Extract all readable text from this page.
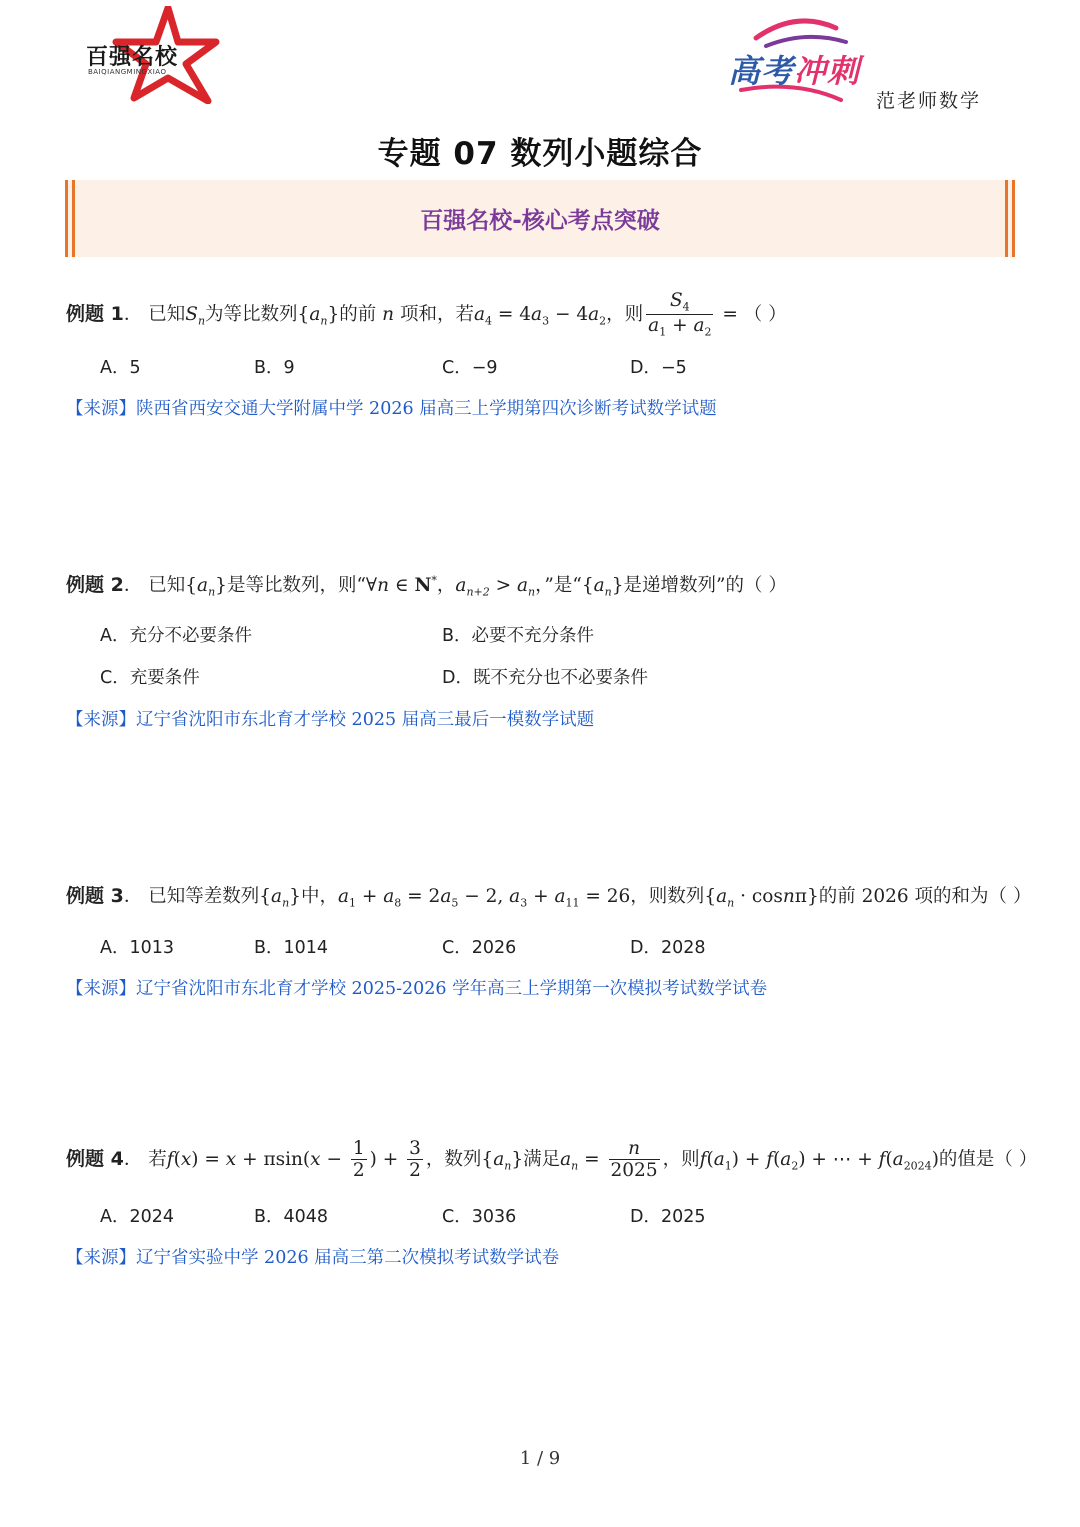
百强名校
BAIQIANGMINGXIAO	高考冲刺
范老师数学
专题 07 数列小题综合
百强名校-核心考点突破
例题 1． 已知$S_n$为等比数列$\{a_n\}$的前 n 项和，若$a_4 = 4a_3 - 4a_2$，则 $\frac{S_4}{a_1 + a_2}$ = （ ）
A．5	B．9	C．−9	D．−5
【来源】陕西省西安交通大学附属中学 2026 届高三上学期第四次诊断考试数学试题
例题 2． 已知$\{a_n\}$是等比数列，则“∀n ∈ N*，$a_{n+2} > a_n$，”是“$\{a_n\}$是递增数列”的（ ）
A．充分不必要条件	B．必要不充分条件
C．充要条件	D．既不充分也不必要条件
【来源】辽宁省沈阳市东北育才学校 2025 届高三最后一模数学试题
例题 3． 已知等差数列$\{a_n\}$中，$a_1 + a_8 = 2a_5 - 2$, $a_3 + a_{11} = 26$，则数列$\{a_n \cdot \cos n\pi\}$的前 2026 项的和为（ ）
A．1013	B．1014	C．2026	D．2028
【来源】辽宁省沈阳市东北育才学校 2025-2026 学年高三上学期第一次模拟考试数学试卷
例题 4． 若$f(x) = x + \pi\sin(x - \frac{1}{2}$ ) + $\frac{3}{2}$ ，数列$\{a_n\}$满足$a_n = \frac{n}{2025}$ ，则$f(a_1) + f(a_2)$ + ⋯ + $f(a_{2024})$的值是（ ）
A．2024	B．4048	C．3036	D．2025
【来源】辽宁省实验中学 2026 届高三第二次模拟考试数学试卷
1 / 9
